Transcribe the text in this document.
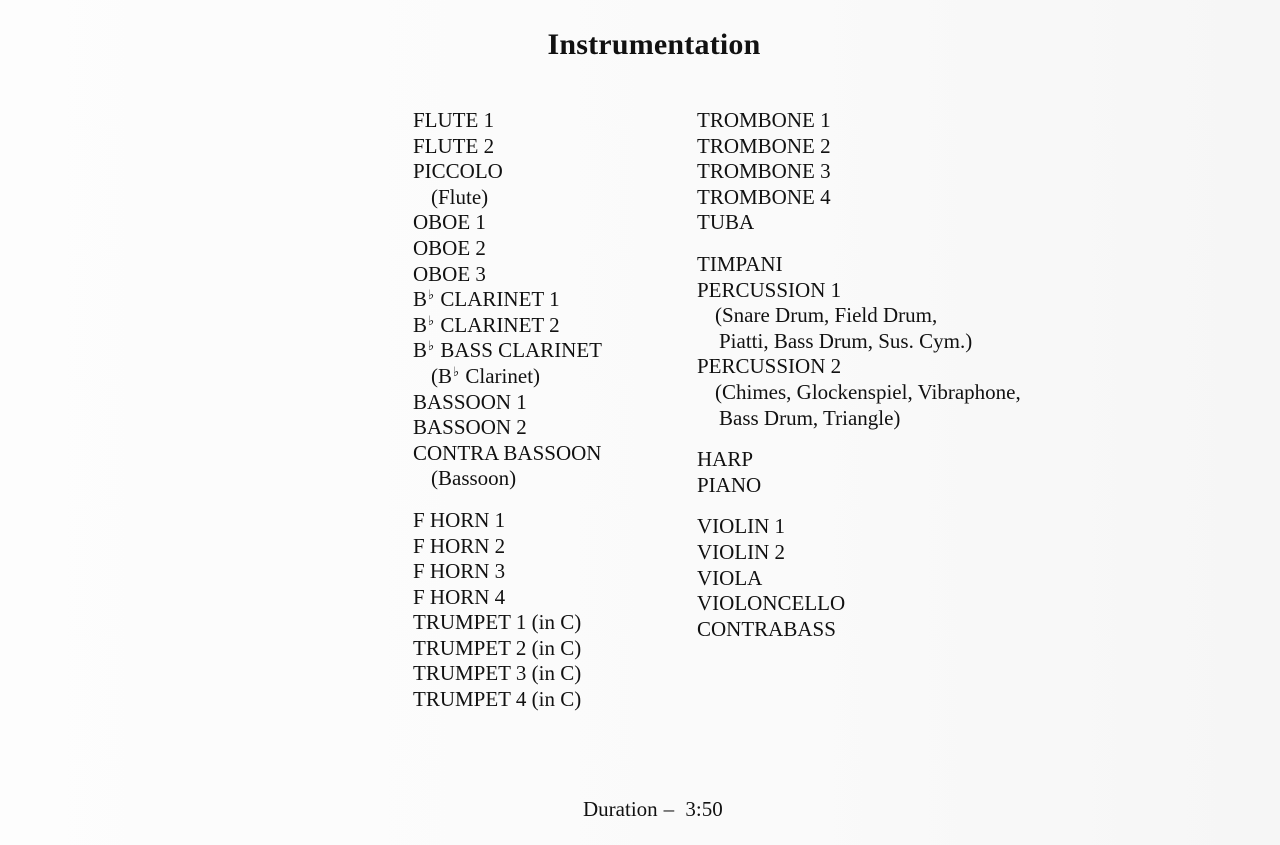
Instrumentation
FLUTE 1
FLUTE 2
PICCOLO
(Flute)
OBOE 1
OBOE 2
OBOE 3
B♭ CLARINET 1
B♭ CLARINET 2
B♭ BASS CLARINET
(B♭ Clarinet)
BASSOON 1
BASSOON 2
CONTRA BASSOON
(Bassoon)
F HORN 1
F HORN 2
F HORN 3
F HORN 4
TRUMPET 1 (in C)
TRUMPET 2 (in C)
TRUMPET 3 (in C)
TRUMPET 4 (in C)
TROMBONE 1
TROMBONE 2
TROMBONE 3
TROMBONE 4
TUBA
TIMPANI
PERCUSSION 1
(Snare Drum, Field Drum,
Piatti, Bass Drum, Sus. Cym.)
PERCUSSION 2
(Chimes, Glockenspiel, Vibraphone,
Bass Drum, Triangle)
HARP
PIANO
VIOLIN 1
VIOLIN 2
VIOLA
VIOLONCELLO
CONTRABASS
Duration – 3:50
